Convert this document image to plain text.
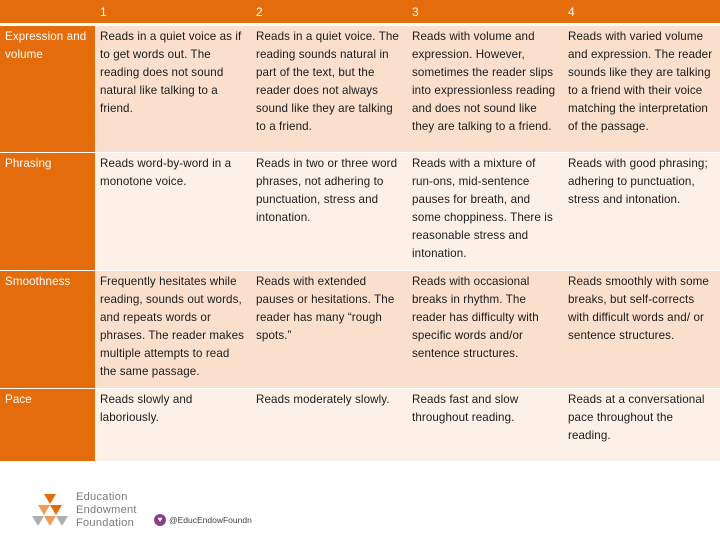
	1	2	3	4
Expression and volume	Reads in a quiet voice as if to get words out. The reading does not sound natural like talking to a friend.	Reads in a quiet voice. The reading sounds natural in part of the text, but the reader does not always sound like they are talking to a friend.	Reads with volume and expression. However, sometimes the reader slips into expressionless reading and does not sound like they are talking to a friend.	Reads with varied volume and expression. The reader sounds like they are talking to a friend with their voice matching the interpretation of the passage.
Phrasing	Reads word-by-word in a monotone voice.	Reads in two or three word phrases, not adhering to punctuation, stress and intonation.	Reads with a mixture of run-ons, mid-sentence pauses for breath, and some choppiness. There is reasonable stress and intonation.	Reads with good phrasing; adhering to punctuation, stress and intonation.
Smoothness	Frequently hesitates while reading, sounds out words, and repeats words or phrases. The reader makes multiple attempts to read the same passage.	Reads with extended pauses or hesitations. The reader has many “rough spots.”	Reads with occasional breaks in rhythm. The reader has difficulty with specific words and/or sentence structures.	Reads smoothly with some breaks, but self-corrects with difficult words and/ or sentence structures.
Pace	Reads slowly and laboriously.	Reads moderately slowly.	Reads fast and slow throughout reading.	Reads at a conversational pace throughout the reading.
Education
Endowment
Foundation	♥ @EducEndowFoundn
